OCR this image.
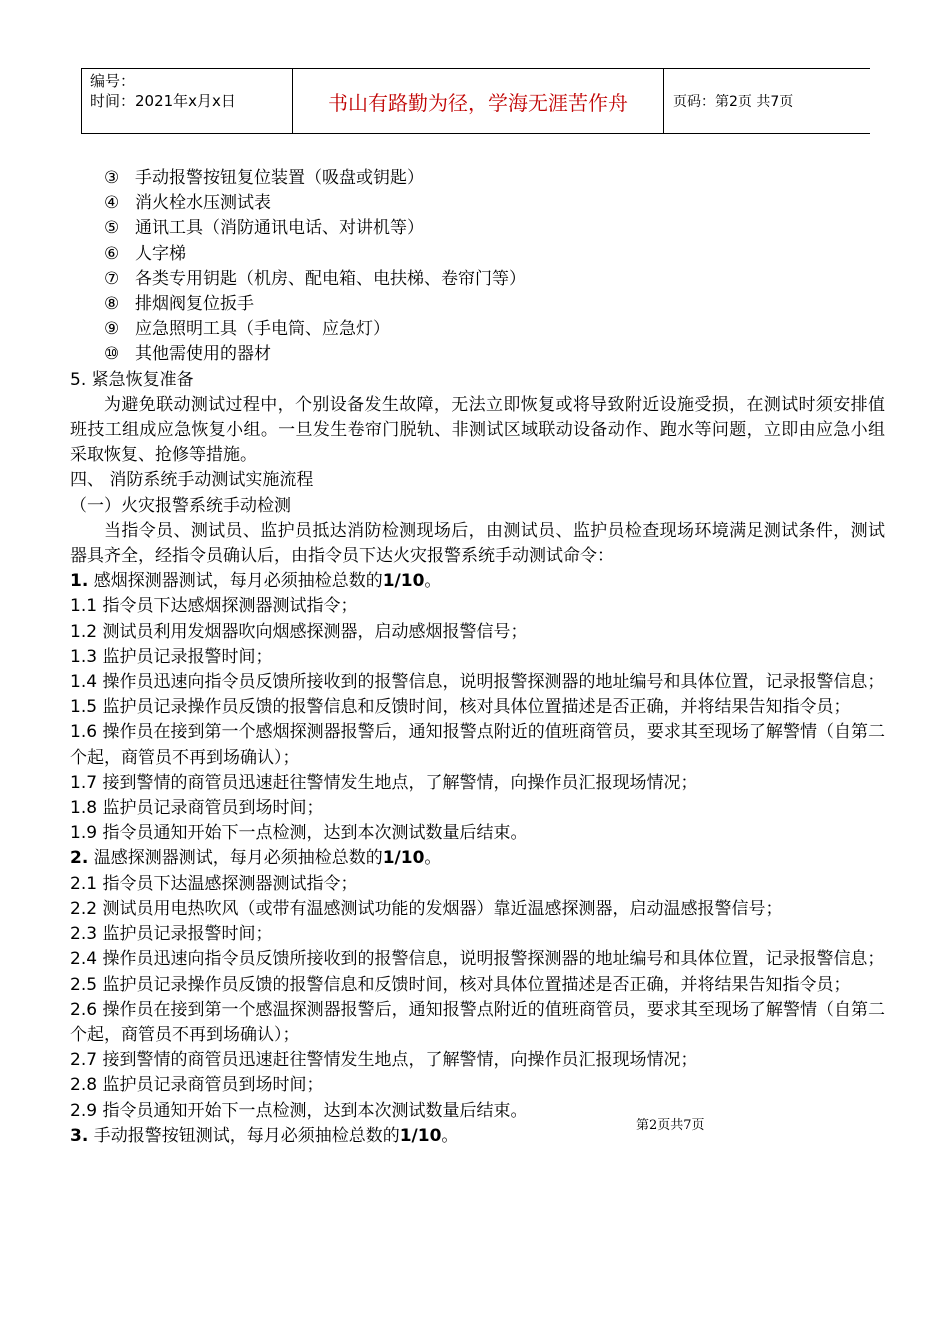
编号：
时间：2021年x月x日	书山有路勤为径，学海无涯苦作舟	页码：第2页 共7页
③ 手动报警按钮复位装置（吸盘或钥匙）
④ 消火栓水压测试表
⑤ 通讯工具（消防通讯电话、对讲机等）
⑥ 人字梯
⑦ 各类专用钥匙（机房、配电箱、电扶梯、卷帘门等）
⑧ 排烟阀复位扳手
⑨ 应急照明工具（手电筒、应急灯）
⑩ 其他需使用的器材
5. 紧急恢复准备
为避免联动测试过程中，个别设备发生故障，无法立即恢复或将导致附近设施受损，在测试时须安排值班技工组成应急恢复小组。一旦发生卷帘门脱轨、非测试区域联动设备动作、跑水等问题，立即由应急小组采取恢复、抢修等措施。
四、 消防系统手动测试实施流程
（一）火灾报警系统手动检测
当指令员、测试员、监护员抵达消防检测现场后，由测试员、监护员检查现场环境满足测试条件，测试器具齐全，经指令员确认后，由指令员下达火灾报警系统手动测试命令：
1. 感烟探测器测试，每月必须抽检总数的1/10。
1.1 指令员下达感烟探测器测试指令；
1.2 测试员利用发烟器吹向烟感探测器，启动感烟报警信号；
1.3 监护员记录报警时间；
1.4 操作员迅速向指令员反馈所接收到的报警信息，说明报警探测器的地址编号和具体位置，记录报警信息；
1.5 监护员记录操作员反馈的报警信息和反馈时间，核对具体位置描述是否正确，并将结果告知指令员；
1.6 操作员在接到第一个感烟探测器报警后，通知报警点附近的值班商管员，要求其至现场了解警情（自第二个起，商管员不再到场确认）；
1.7 接到警情的商管员迅速赶往警情发生地点，了解警情，向操作员汇报现场情况；
1.8 监护员记录商管员到场时间；
1.9 指令员通知开始下一点检测，达到本次测试数量后结束。
2. 温感探测器测试，每月必须抽检总数的1/10。
2.1 指令员下达温感探测器测试指令；
2.2 测试员用电热吹风（或带有温感测试功能的发烟器）靠近温感探测器，启动温感报警信号；
2.3 监护员记录报警时间；
2.4 操作员迅速向指令员反馈所接收到的报警信息，说明报警探测器的地址编号和具体位置，记录报警信息；
2.5 监护员记录操作员反馈的报警信息和反馈时间，核对具体位置描述是否正确，并将结果告知指令员；
2.6 操作员在接到第一个感温探测器报警后，通知报警点附近的值班商管员，要求其至现场了解警情（自第二个起，商管员不再到场确认）；
2.7 接到警情的商管员迅速赶往警情发生地点，了解警情，向操作员汇报现场情况；
2.8 监护员记录商管员到场时间；
2.9 指令员通知开始下一点检测，达到本次测试数量后结束。
3. 手动报警按钮测试，每月必须抽检总数的1/10。
第2页共7页
